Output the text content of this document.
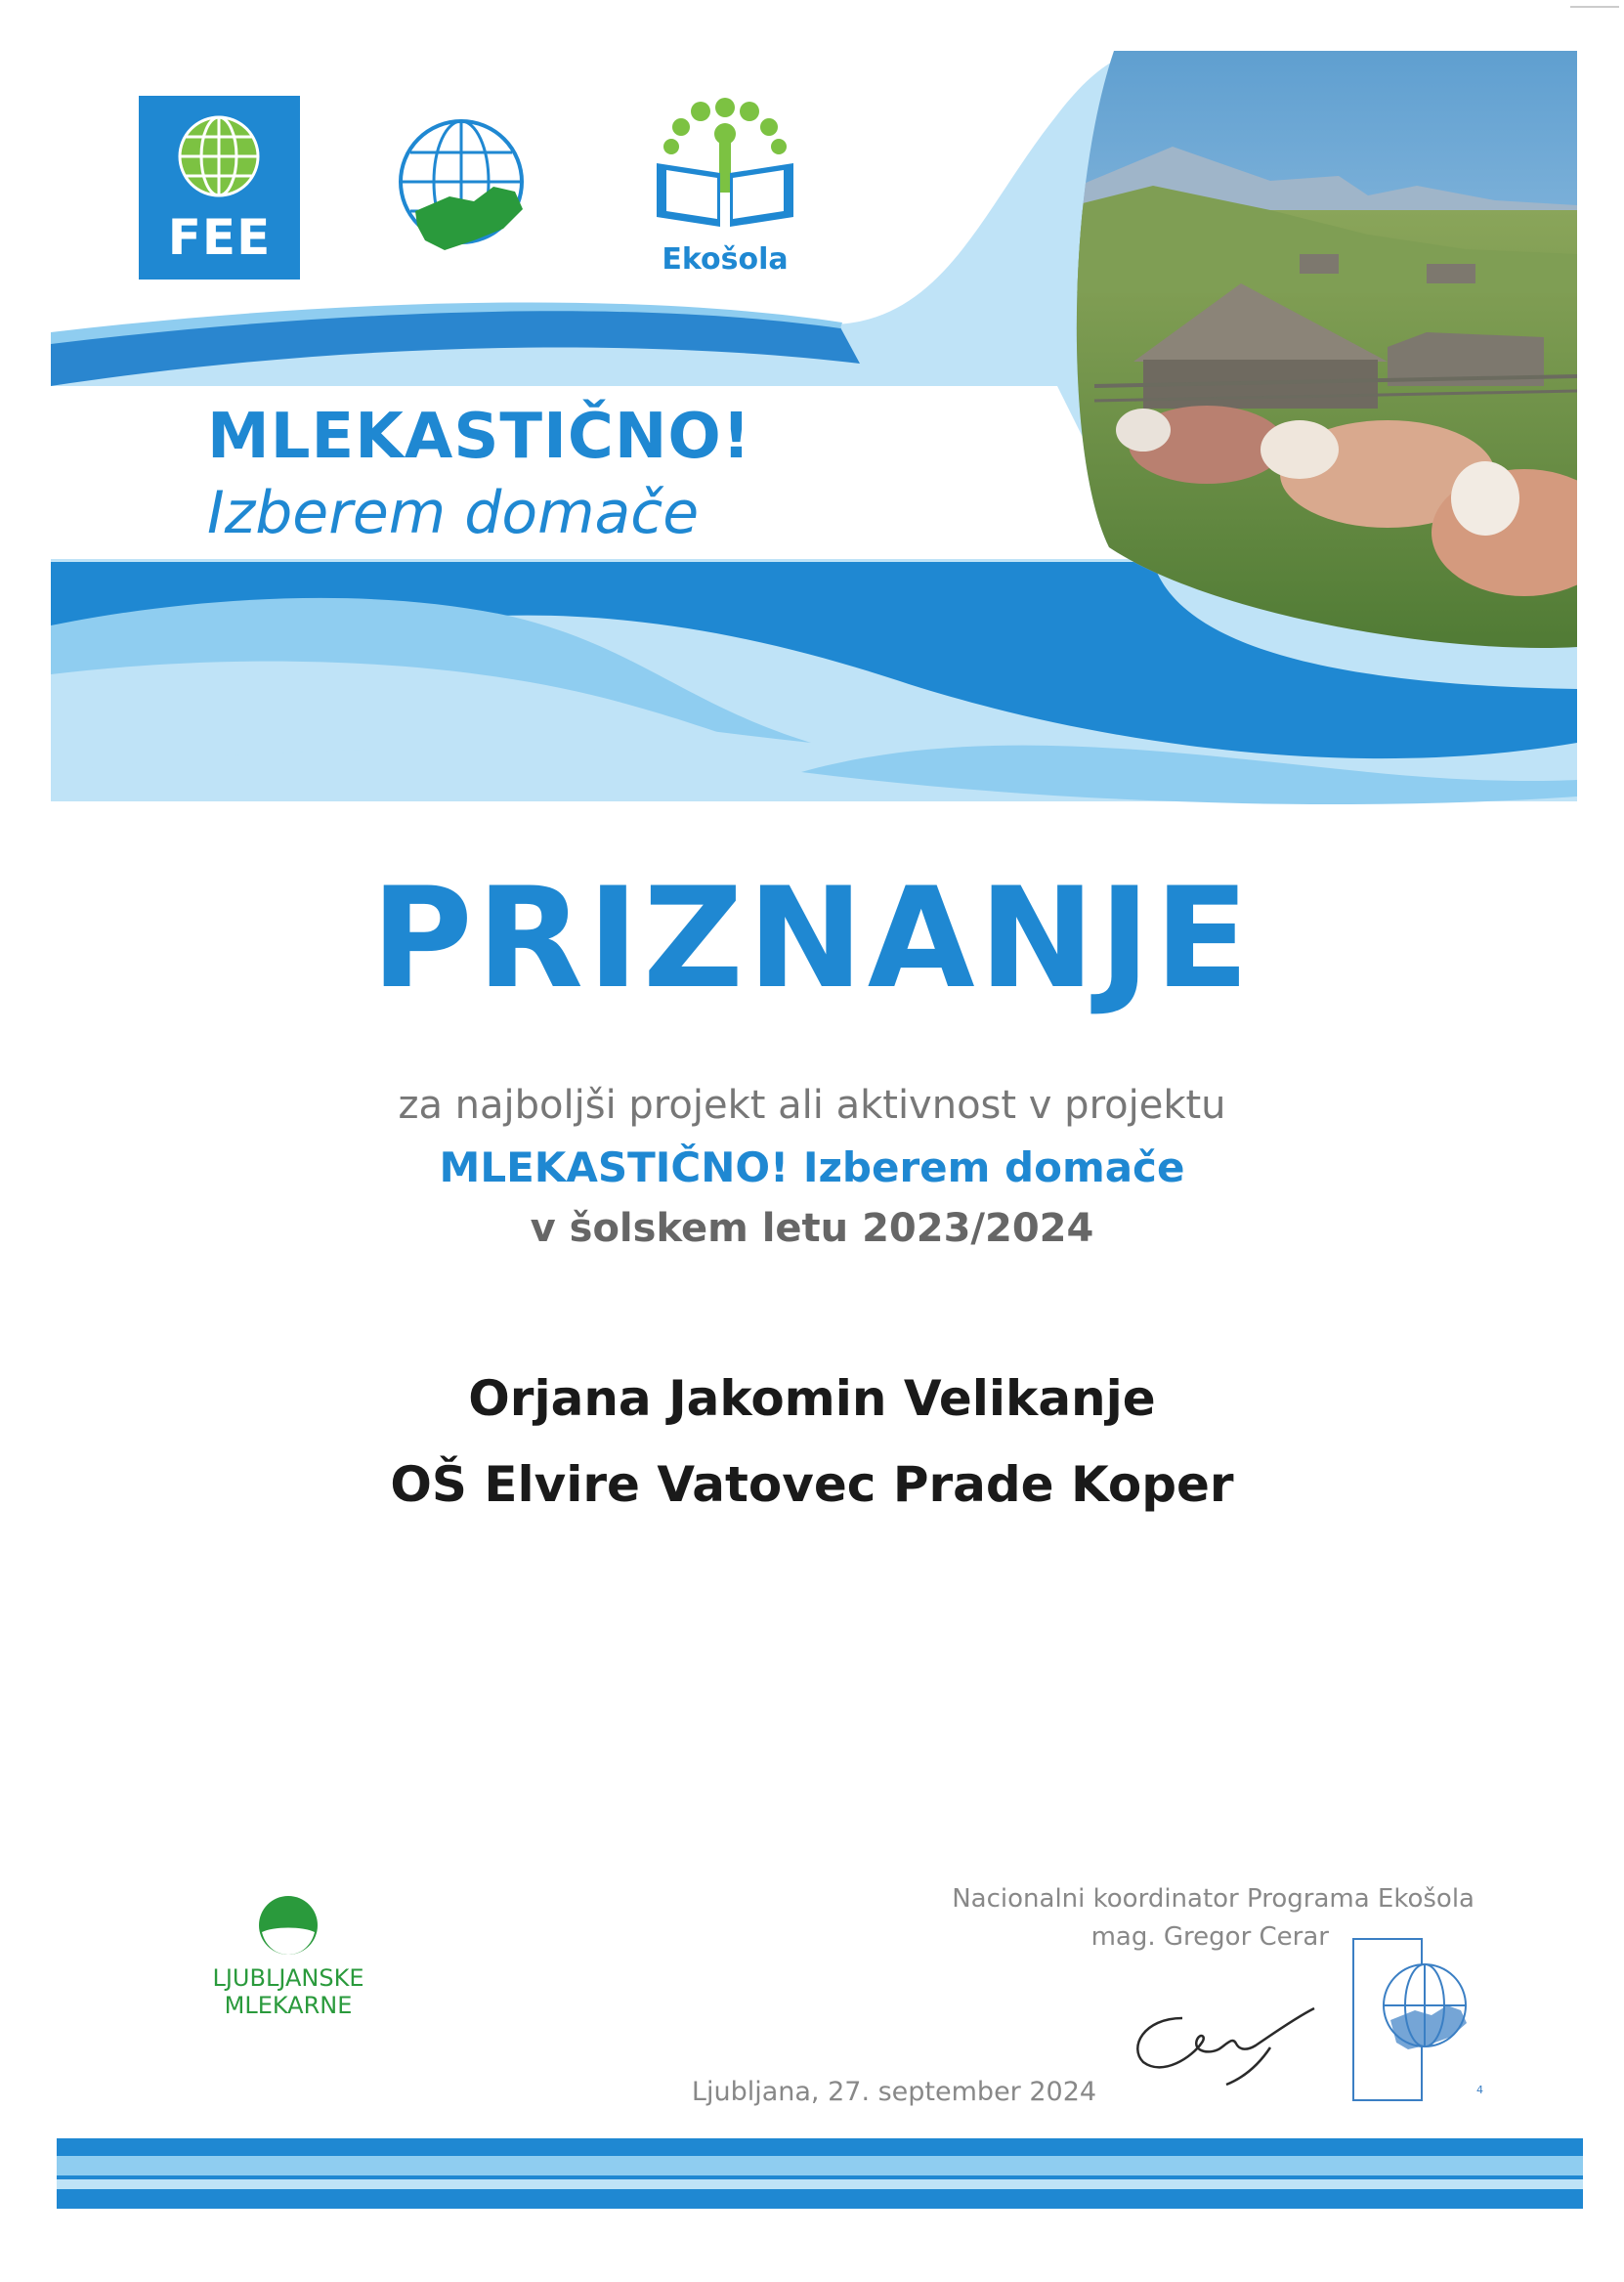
FEE	Ekošola
MLEKASTIČNO!
Izberem domače
PRIZNANJE
za najboljši projekt ali aktivnost v projektu
MLEKASTIČNO! Izberem domače
v šolskem letu 2023/2024
Orjana Jakomin Velikanje
OŠ Elvire Vatovec Prade Koper
LJUBLJANSKE
MLEKARNE
Nacionalni koordinator Programa Ekošola
mag. Gregor Cerar
4
Ljubljana, 27. september 2024
